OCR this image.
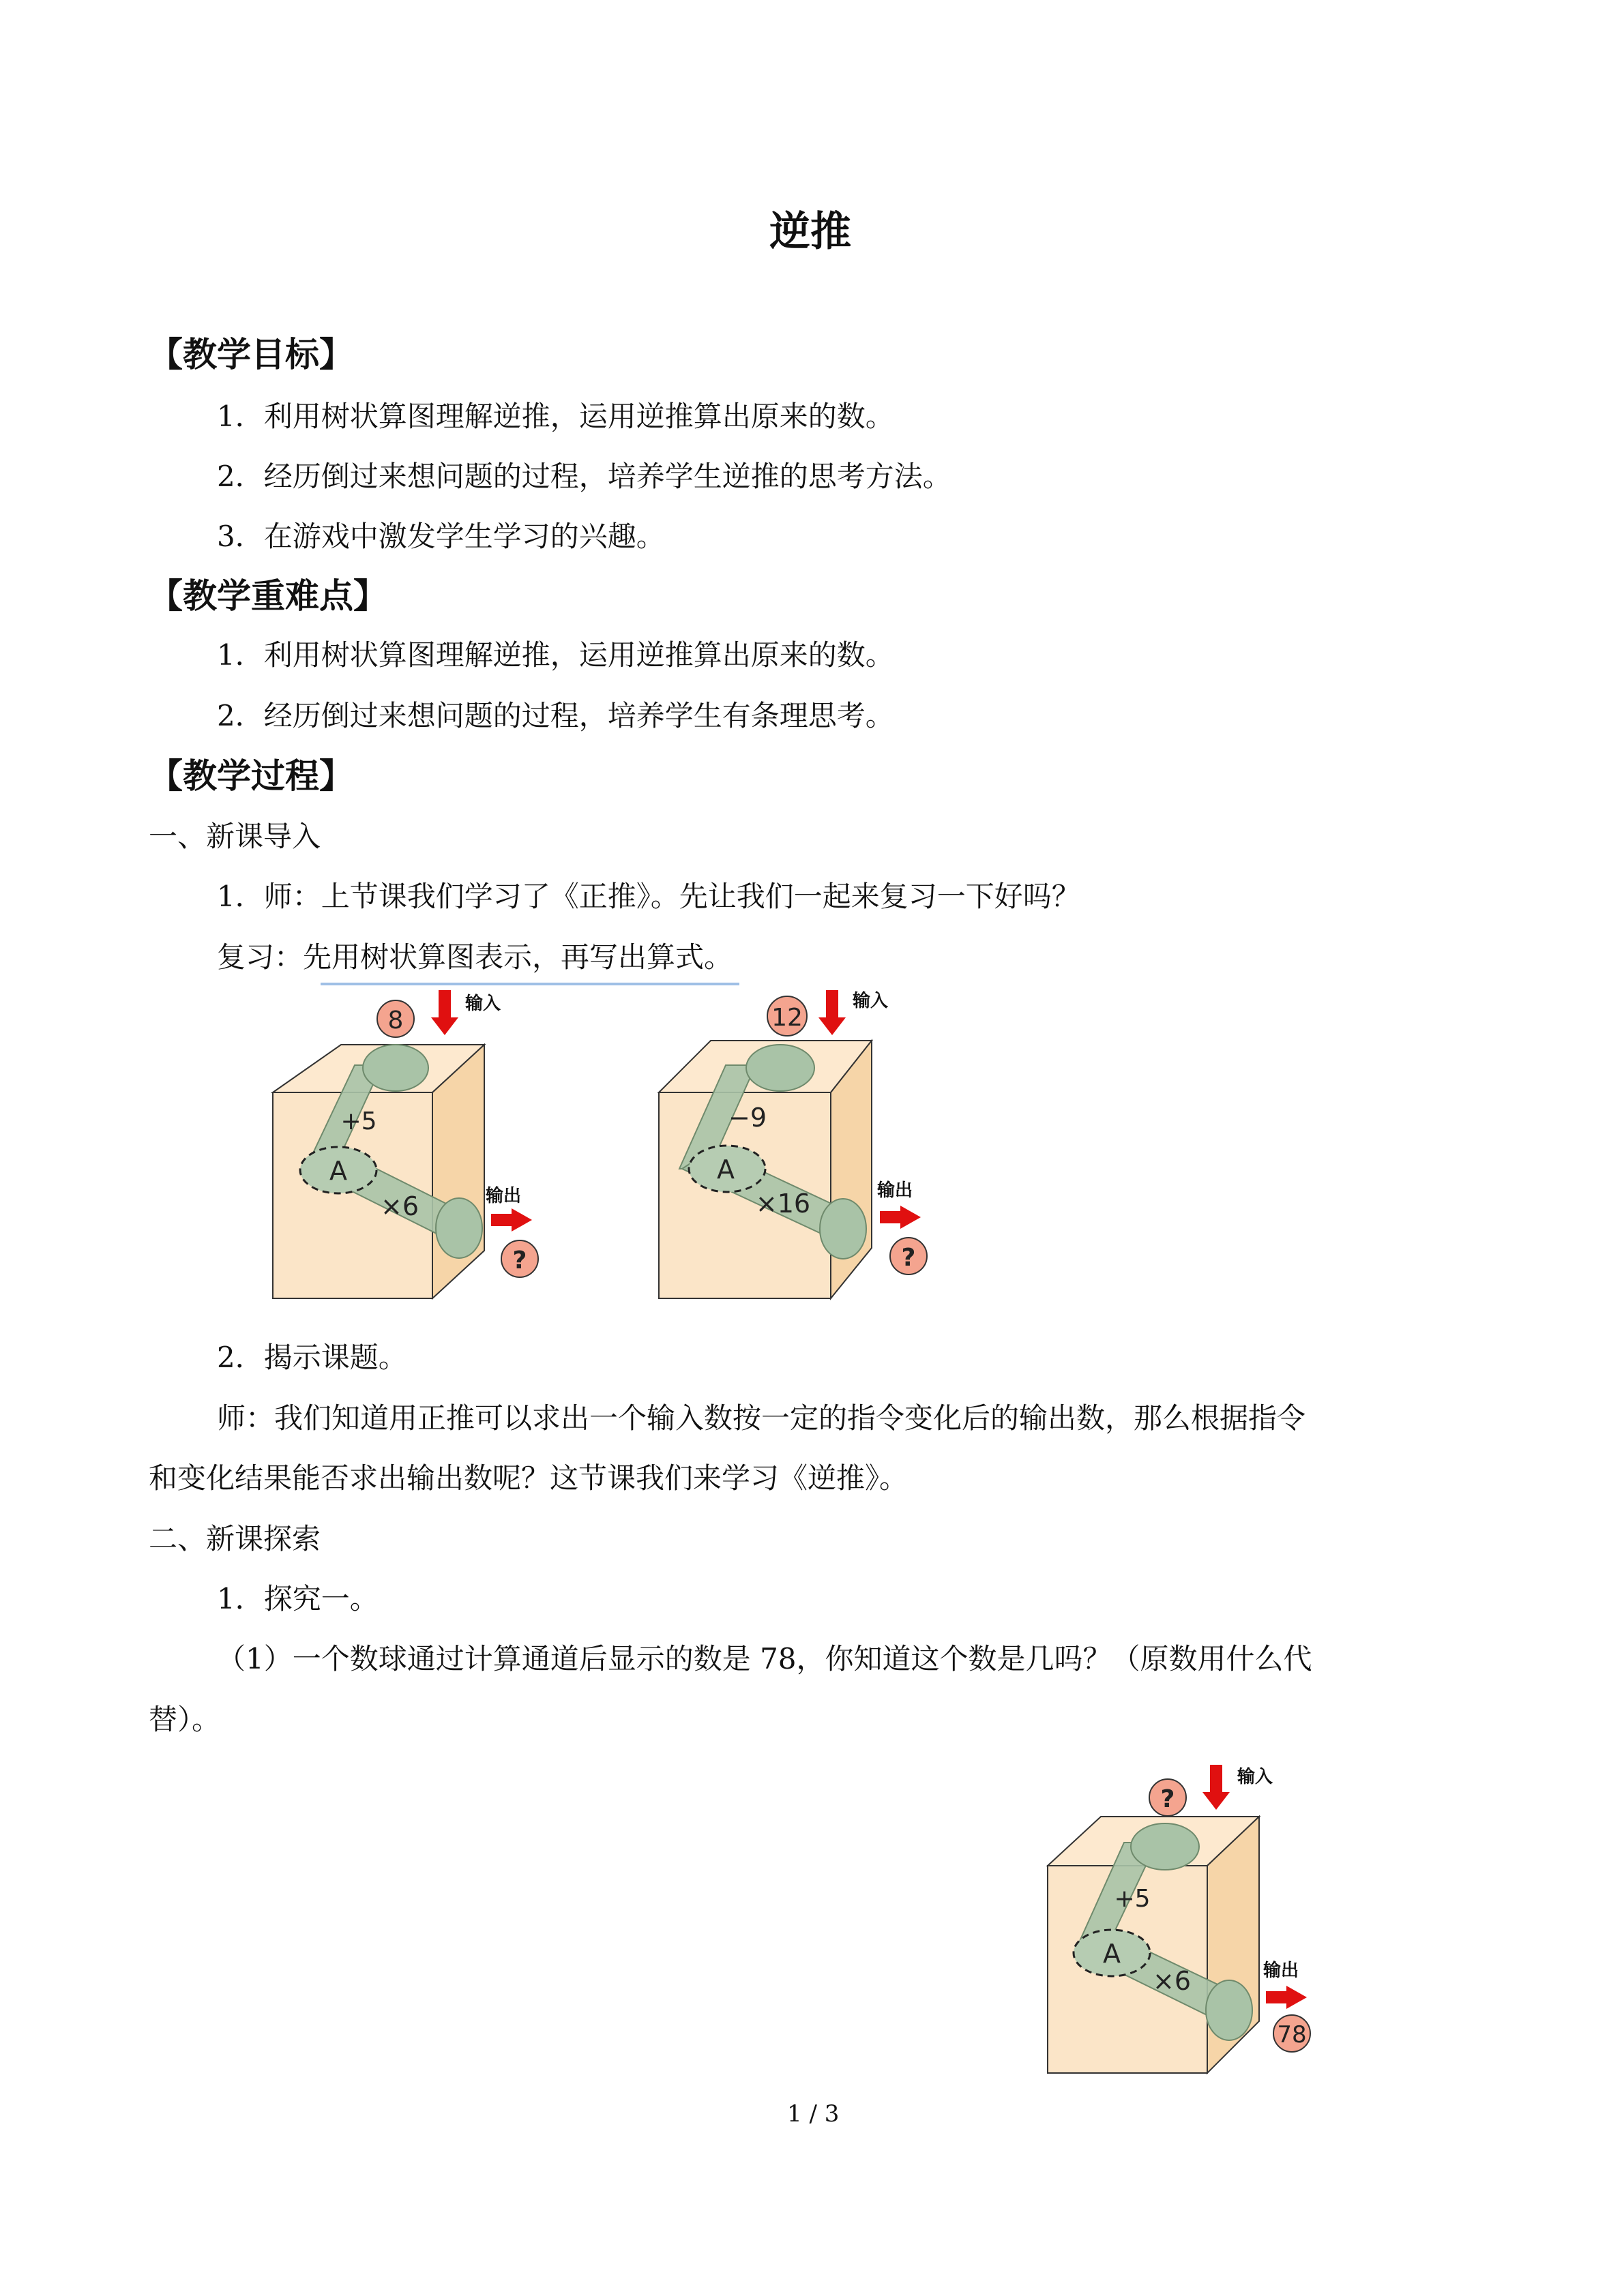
逆推
【教学目标】
1．利用树状算图理解逆推，运用逆推算出原来的数。
2．经历倒过来想问题的过程，培养学生逆推的思考方法。
3．在游戏中激发学生学习的兴趣。
【教学重难点】
1．利用树状算图理解逆推，运用逆推算出原来的数。
2．经历倒过来想问题的过程，培养学生有条理思考。
【教学过程】
一、新课导入
1．师：上节课我们学习了《正推》。先让我们一起来复习一下好吗？
复习：先用树状算图表示，再写出算式。
A
+5
×6
8
输入
输出
?
A
−9
×16
12
输入
输出
?
2．揭示课题。
师：我们知道用正推可以求出一个输入数按一定的指令变化后的输出数，那么根据指令
和变化结果能否求出输出数呢？这节课我们来学习《逆推》。
二、新课探索
1．探究一。
（1）一个数球通过计算通道后显示的数是 78，你知道这个数是几吗？（原数用什么代
替）。
A
+5
×6
?
输入
输出
78
1 / 3
